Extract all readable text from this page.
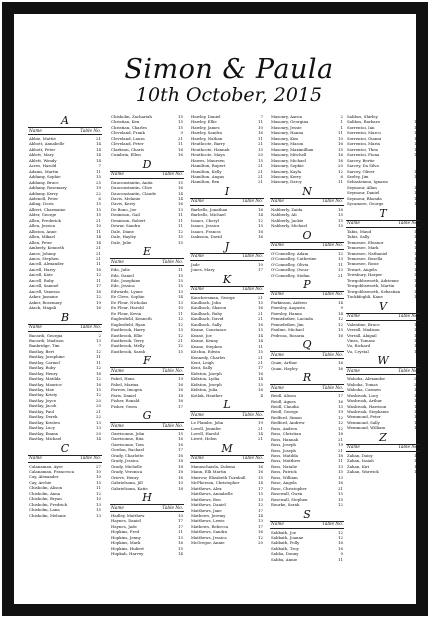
Simon & Paula
10th October, 2015
A
Name	Table No.
Abbie, Mattie	21
Abbott, Annabelle	14
Abbott, Peter	14
Ablett, Mary	14
Ablett, Wendy	14
Acres, Harold	7
Adams, Martin	11
Addamy, Sophie	15
Addamy, Bruce	25
Addamy, Rosemary	19
Addamy, Kerry	22
Aidenell, Peter	6
Ailing, Doris	15
Albert, Charmaine	15
Alder, George	15
Allen, Frederick	21
Allen, Jessica	10
Alliston, Anne	11
Allen, Mikael	14
Allen, Peter	14
Amberly, Kenneth	21
Amos, Johnny	21
Amos, Stephen	21
Ancell, Alexander	11
Ancell, Harry	16
Ancell, Kate	12
Ancell, Ruby	11
Ancell, Samuel	17
Ancell, Vanessa	16
Asker, Jasmine	12
Asker, Rosemary	19
Atack, Magali	16
B
Name	Table No.
Bacardi, Georgia	2
Bacardi, Madison	13
Banbridge, Tim	7
Bastlay, Bert	12
Bastlay, Josephine	11
Bastlay, Carmel	11
Bastlay, Ruby	12
Bastlay, Henry	16
Bastlay, Matilda	12
Bastlay, Maurice	16
Bastlay, Mae	15
Bastlay, Kristy	12
Bastlay, Joyce	20
Bastlay, Jacob	20
Bastlay, Paul	21
Bastlay, Derek	22
Bastlay, Kristen	13
Bastlay, Lucy	13
Bastlay, Emma	20
Bastlay, Michael	14
C
Name	Table No.
Calanaman, Ayse	27
Calanaman, Francesca	10
Cay, Alexander	10
Cay, Archie	15
Chisholm, Alison	11
Chisholm, Anna	12
Chisholm, Bryan	10
Chisholm, Fredrick	13
Chisholm, Lana	15
Chisholm, Melanie	13
Chisholm, Zachariah	15
Christian, Ken	15
Christian, Charles	15
Cleveland, Frank	9
Cleveland, Laura	21
Cleveland, Peter	11
Clarkson, Charis	16
Cumbria, Ellen	16
D
Name	Table No.
Dauconstantin, Anita	15
Dauconstantin, Clive	16
Dauconstantin, Claude	14
Davis, Melanie	14
Davis, Kerry	16
De Bono, Joe	13
Dennison, Gail	11
Dennison, Robert	11
Dewar, Sandra	11
Dale, Diane	12
Dale, Hayley	15
Dale, Julie	15
E
Name	Table No.
Ede, Julie	11
Ede, Daniel	15
Ede, Josephine	15
Ede, Jessica	15
Edwards, Lynne	13
Ee Cleve, Sophie	14
Ee Fleur, Nicholas	13
Ee Fleur, Harold	10
Ee Fleur, Kevin	11
Eaglesfield, Kenneth	12
Eaglesfield, Ryan	12
Eastbrook, Harry	15
Eastbrook, Ellie	12
Eastbrook, Terry	21
Eastbrook, Melly	12
Eastbrook, Sarah	15
F
Name	Table No.
Fabel, Hans	19
Fabel, Marina	16
Farrow, Imogen	16
Faris, Daniel	18
Fisher, Ronald	16
Fisher, Gwen	17
G
Name	Table No.
Garrisonne, John	15
Garrisonne, Rita	16
Garrisonne, Tom	16
Gordon, Rachael	17
Grady, Charlotte	16
Grady, Jessica	18
Grady, Michelle	18
Grady, Veronica	18
Grieve, Henry	16
Gabrielsonn, Jill	10
Gabrielsonn, Katie	18
H
Name	Table No.
Hadley, Matthew	10
Haynes, Daniel	17
Haynes, Jade	17
Hopkins, Fred	11
Hopkins, Jenny	13
Hopkins, Mark	16
Hopkins, Hubert	15
Hupkah, Harvey	14
Hawley, Daniel	7
Hawley, Ellie	11
Hawley, James	10
Hawley, Sandra	16
Hawley, Nathan	11
Heathcote, Barry	21
Heathcote, Hannah	15
Heathcote, Maya	20
Hawes, Maureen	15
Hamilton, Rupert	21
Hamilton, Kelly	21
Hamilton, Angus	21
Hamilton, Ben	21
I
Name	Table No.
Barbells, Jonathan	16
Barbells, Michael	14
Isaacs, Cheryl	12
Isaacs, Jessica	15
Isaacs, Francis	16
Isaksson, David	16
J
Name	Table No.
Jade	10
Jones, Mary	17
K
Name	Table No.
Kauchresman, George	21
Kaulbach, John	15
Kaulbach, Sharon	16
Kaulbach, Ruby	21
Kaulbach, David	21
Kaulbach, Sally	16
Keane, Constance	15
Keane, Joe	14
Keane, Kenny	14
Keane, Stephen	11
Kitchin, Edwin	15
Kennedy, Charles	21
Kent, Leigh	21
Kent, Sally	17
Kidston, Joseph	16
Kidston, Lydia	14
Kidston, Joseph	15
Kidston, Julia	16
Kotlak, Heather	4
L
Name	Table No.
Le Flambe, John	19
Lovell, Jennifer	21
Lovell, Harold	14
Livett, Helen	21
M
Name	Table No.
Manaschaisla, Zulema	16
Mann, Elli Martin	16
Marrow, Elizabeth Turnbull	15
McPherson, Christopher	14
Matthews, Alex	17
Matthews, Annabelle	15
Matthews, Ben	13
Matthews, Daniel	12
Matthews, Jane	17
Mathews, Jeremy	14
Matthews, Lewis	13
Mathews, Rebecca	17
Matthews, Sandra	16
Matthews, Jessica	12
McGregor, Annie	20
Masonry, Aaron	2
Masonry, Georgina	1
Masonry, Jessie	1
Masonry, Hanna	11
Masonry, Kim	10
Masonry, Mason	16
Masonry, Maximillian	15
Masonry, Mitchell	16
Masonry, Michael	16
Masonry, Sophie	20
Masonry, Kayla	12
Masonry, Kerry	6
Masonry, Darcy	11
N
Name	Table No.
Nabberly, Zaida	16
Nabberly, Ali	15
Nabberly, Jackie	15
Nabberly, Michael	15
O
Name	Table No.
O'Connelley, Adam	12
O'Connelley, Catherine	13
O'Connelley, Olivia	11
O'Connelley, Oscar	13
O'Connelley, Stefan	21
P
Name	Table No.
Parkinson, Aideen	14
Pawsley, Augusta	9
Pawsley, Hanna	14
Pennefather, Lucinda	12
Pennefather, Jim	12
Pauline, Michael	15
Pedrosa, Rosaria	16
Q
Name	Table No.
Quan, Arthur	16
Quan, Hayley	16
R
Name	Table No.
Reidl, Alison	17
Reidl, Agnes	16
Reidl, Claudia	13
Reidl, George	19
Redford, Simon	12
Redford, Andrew	12
Ross, Andrea	12
Ross, Christian	18
Ross, Hannah	21
Ross, Joseph	19
Ross, Joseph	21
Ross, Matilda	18
Ross, Matthew	11
Ross, Natalie	13
Ross, Patrick	15
Ross, William	13
Rose, Angela	16
Rose, Christopher	21
Rosewall, Gwen	15
Rosewall, Stephen	15
Rourke, Sarah	12
S
Name	Table No.
Sabbath, Joe	12
Sabbath, Joanne	12
Sabbath, Polly	16
Sabbath, Troy	16
Sabba, Donny	9
Sabba, Annie	11
Salibos, Shirley	5
Salibos, Barbara	11
Sorrentoi, Ian	14
Sorrentoi, Marco	12
Sorrentoi, Gianni	12
Sorrentoi, Maria	15
Sorrentoi, Thea	11
Sorrentoi, Fiona	11
Sarcey, Bertie	7
Sarcey, Da Silva	9
Sarcey, Oliver	14
Seeley, Jim	11
Sebasteiano, Ignazio	7
Seymour, Allan	13
Seymour, Daniel	13
Seymour, Rhonda	11
Sycamore, George	12
T
Name	Table No.
Tabis, Maud	15
Tabis, Sally	15
Tennesee, Eleanor	18
Tennesee, Mark	11
Tennesee, Nathaniel	12
Tennesee, Rosella	18
Tennesee, Rosie	18
Tewart, Angela	11
Tewsbury, Harper	11
Tewgobbsworth, Adrienne	14
Tewgobbsworth, Martin	14
Tewgobbsworth, Sebastian	14
Tuckkfoghli, Kane	14
V
Name	Table No.
Valentine, Bruce	14
Verrall, Madison	15
Verrall, Abigail	11
Vines, Tomasz	19
Vu, Richard	13
Vu, Crystal	13
W
Name	Table No.
Waboba, Alexander	21
Waboba, Tomas	21
Waboba, Carmen	18
Wasbrook, Lucy	16
Wasbrook, Arthur	16
Wasbrook, Harrison	13
Wasbrook, Stephanie	19
Wemmond, Peter	16
Wemmond, Sally	16
Wemmond, William	18
Z
Name	Table No.
Zahan, Daisy	10
Zahan, Isaiah	14
Zahan, Kiri	17
Zahan, Warwick	19
